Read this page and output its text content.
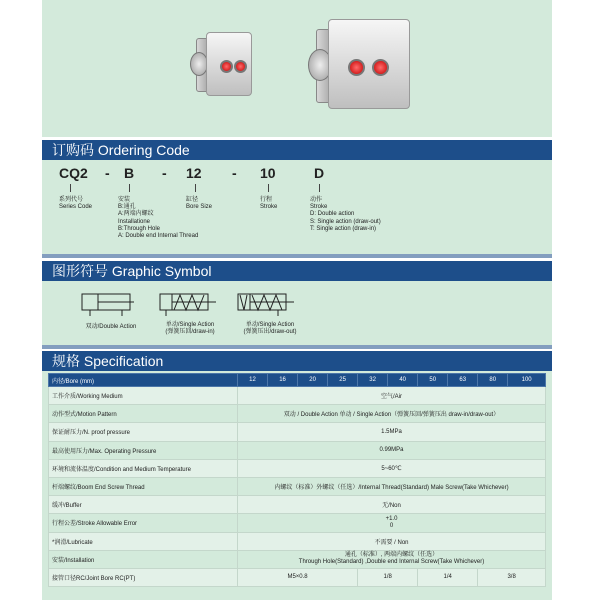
订购码 Ordering Code
CQ2 - B - 12 - 10	D
系列代号
Series Code
安装
B:通孔
A:两端内螺纹
Installatione
B:Through Hole
A: Double end Internal Thread
缸径
Bore Size
行程
Stroke
动作
Stroke
D: Double action
S: Single action (draw-out)
T: Single action (draw-in)
图形符号 Graphic Symbol
双动/Double Action	单动/Single Action
(弹簧压回/draw-in)
单动/Single Action
(弹簧压出/draw-out)
规格 Specification
内径/Bore (mm)	12	16	20	25	32	40	50	63	80	100
工作介质/Working Medium	空气/Air									
动作型式/Motion Pattern	双动 / Double Action 单动 / Single Action（弹簧压回/弹簧压出 draw-in/draw-out）									
保证耐压力/N. proof pressure	1.5MPa									
最高使用压力/Max. Operating Pressure	0.99MPa									
环境和流体温度/Condition and Medium Temperature	5~60℃									
杆端螺纹/Boom End Screw Thread	内螺纹（标准）外螺纹（任选）/Internal Thread(Standard) Male Screw(Take Whichever)									
缓冲/Buffer	无/Non									
行程公差/Stroke Allowable Error	+1.0
0									

*润滑/Lubricate	不需要 / Non									
安装/Installation	通孔（标准）, 两端内螺纹（任选）
Through Hole(Standard) ,Double end Internal Screw(Take Whichever)									

接管口径RC/Joint Bore RC(PT)	M5×0.8				1/8		1/4		3/8	
